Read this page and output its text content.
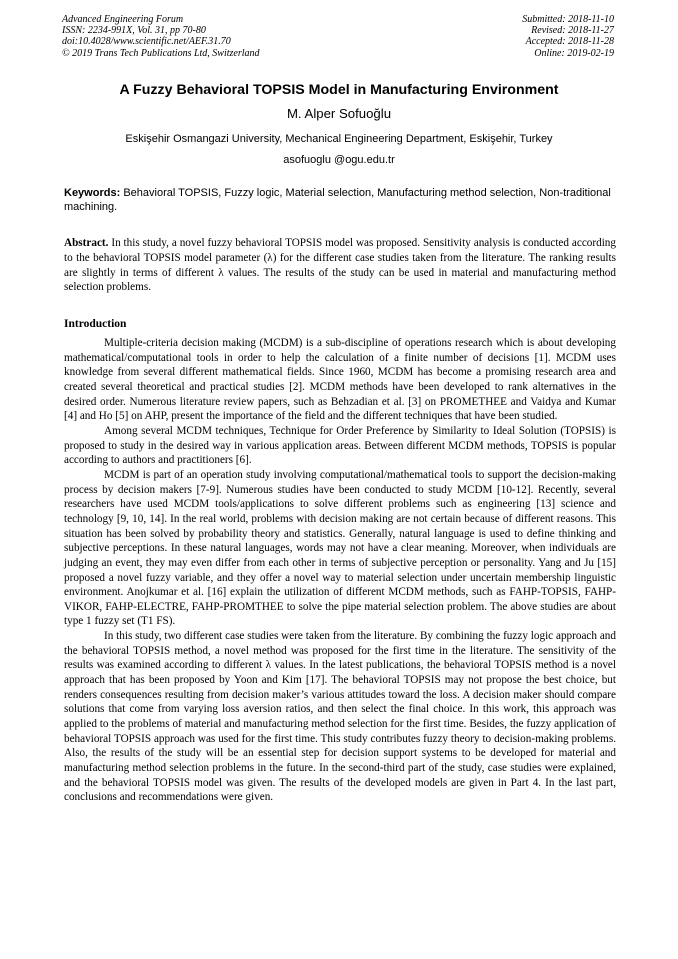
Advanced Engineering Forum
ISSN: 2234-991X, Vol. 31, pp 70-80
doi:10.4028/www.scientific.net/AEF.31.70
© 2019 Trans Tech Publications Ltd, Switzerland
Submitted: 2018-11-10
Revised: 2018-11-27
Accepted: 2018-11-28
Online: 2019-02-19
A Fuzzy Behavioral TOPSIS Model in Manufacturing Environment
M. Alper Sofuoğlu
Eskişehir Osmangazi University, Mechanical Engineering Department, Eskişehir, Turkey
asofuoglu @ogu.edu.tr
Keywords: Behavioral TOPSIS, Fuzzy logic, Material selection, Manufacturing method selection, Non-traditional machining.
Abstract. In this study, a novel fuzzy behavioral TOPSIS model was proposed. Sensitivity analysis is conducted according to the behavioral TOPSIS model parameter (λ) for the different case studies taken from the literature. The ranking results are slightly in terms of different λ values. The results of the study can be used in material and manufacturing method selection problems.
Introduction

Multiple-criteria decision making (MCDM) is a sub-discipline of operations research which is about developing mathematical/computational tools in order to help the calculation of a finite number of decisions [1]. MCDM uses knowledge from several different mathematical fields. Since 1960, MCDM has become a promising research area and created several theoretical and practical studies [2]. MCDM methods have been developed to rank alternatives in the desired order. Numerous literature review papers, such as Behzadian et al. [3] on PROMETHEE and Vaidya and Kumar [4] and Ho [5] on AHP, present the importance of the field and the different techniques that have been studied.

Among several MCDM techniques, Technique for Order Preference by Similarity to Ideal Solution (TOPSIS) is proposed to study in the desired way in various application areas. Between different MCDM methods, TOPSIS is popular according to authors and practitioners [6].

MCDM is part of an operation study involving computational/mathematical tools to support the decision-making process by decision makers [7-9]. Numerous studies have been conducted to study MCDM [10-12]. Recently, several researchers have used MCDM tools/applications to solve different problems such as engineering [13] science and technology [9, 10, 14]. In the real world, problems with decision making are not certain because of different reasons. This situation has been solved by probability theory and statistics. Generally, natural language is used to define thinking and subjective perceptions. In these natural languages, words may not have a clear meaning. Moreover, when individuals are judging an event, they may even differ from each other in terms of subjective perception or personality. Yang and Ju [15] proposed a novel fuzzy variable, and they offer a novel way to material selection under uncertain membership linguistic environment. Anojkumar et al. [16] explain the utilization of different MCDM methods, such as FAHP-TOPSIS, FAHP-VIKOR, FAHP-ELECTRE, FAHP-PROMTHEE to solve the pipe material selection problem. The above studies are about type 1 fuzzy set (T1 FS).

In this study, two different case studies were taken from the literature. By combining the fuzzy logic approach and the behavioral TOPSIS method, a novel method was proposed for the first time in the literature. The sensitivity of the results was examined according to different λ values. In the latest publications, the behavioral TOPSIS method is a novel approach that has been proposed by Yoon and Kim [17]. The behavioral TOPSIS may not propose the best choice, but renders consequences resulting from decision maker’s various attitudes toward the loss. A decision maker should compare solutions that come from varying loss aversion ratios, and then select the final choice. In this work, this approach was applied to the problems of material and manufacturing method selection for the first time. Besides, the fuzzy application of behavioral TOPSIS approach was used for the first time. This study contributes fuzzy theory to decision-making problems. Also, the results of the study will be an essential step for decision support systems to be developed for material and manufacturing method selection problems in the future. In the second-third part of the study, case studies were explained, and the behavioral TOPSIS model was given. The results of the developed models are given in Part 4. In the last part, conclusions and recommendations were given.
